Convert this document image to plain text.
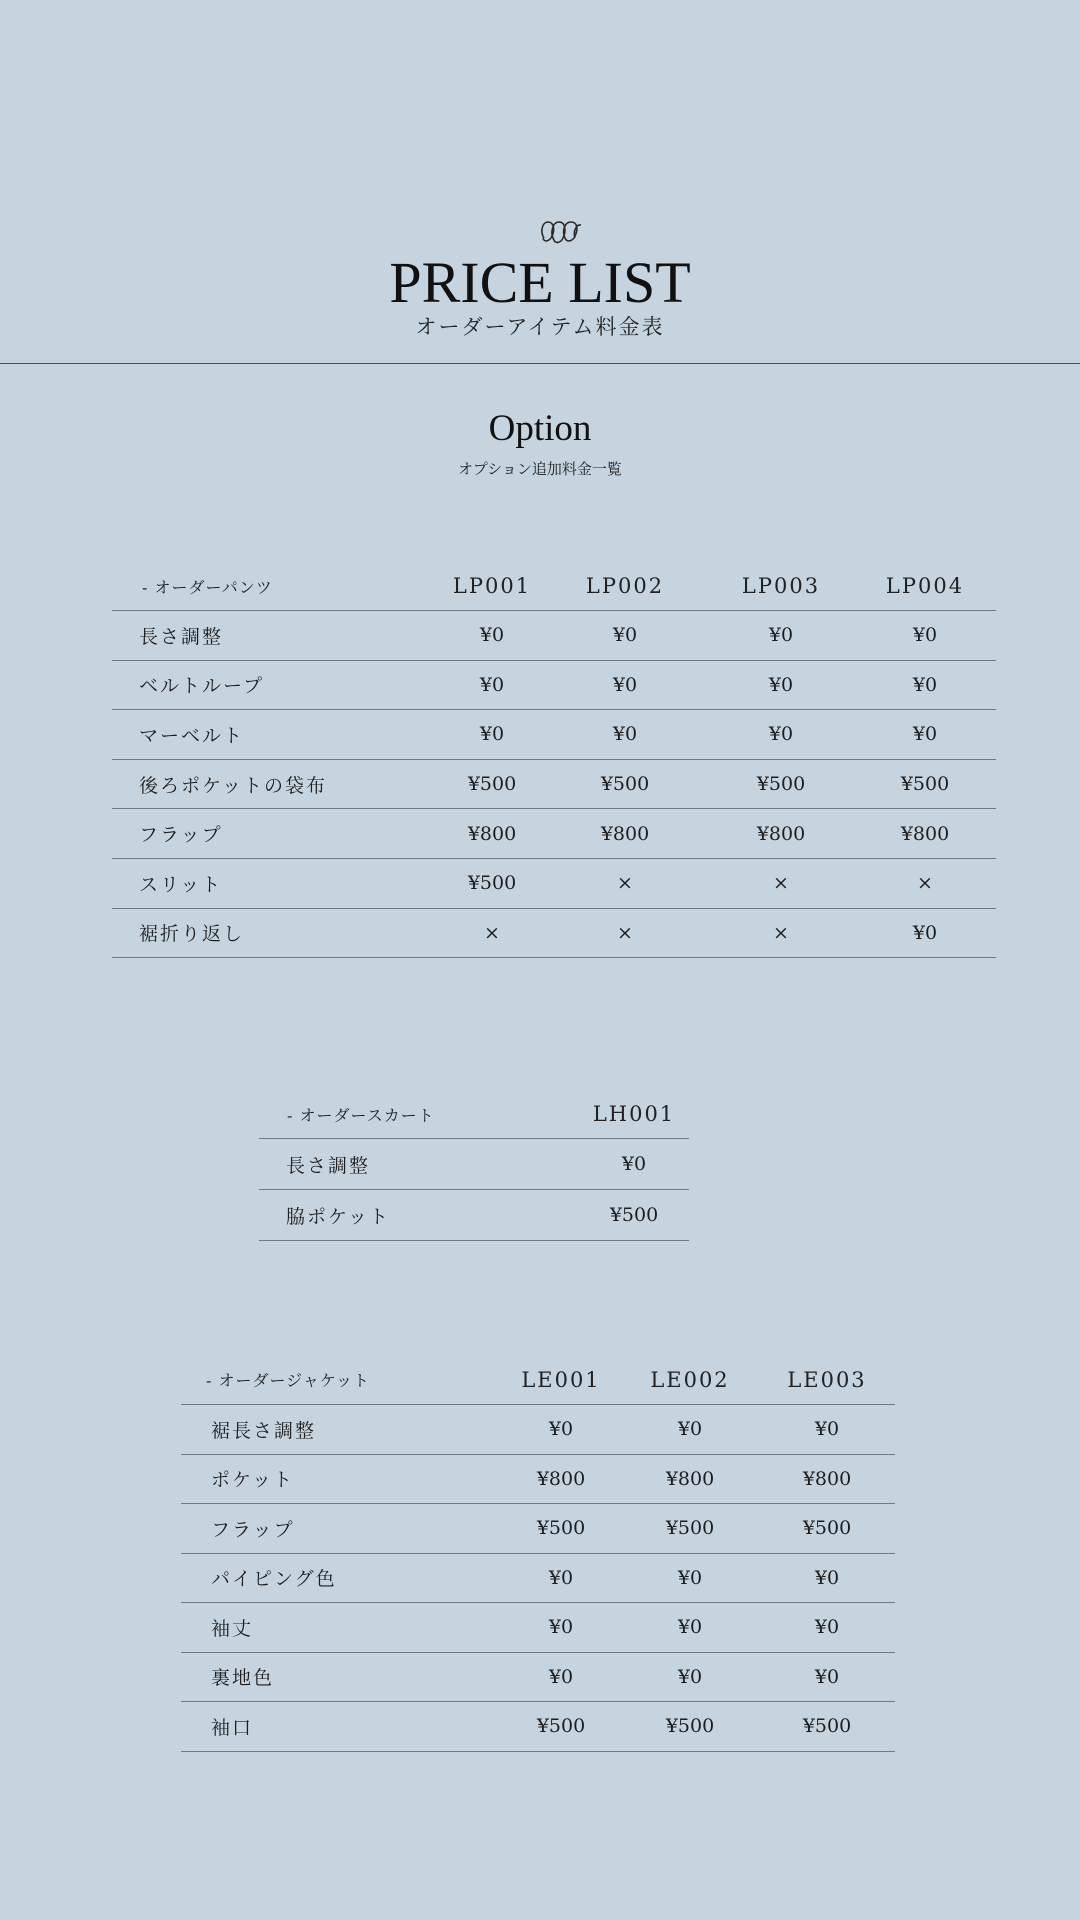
PRICE LIST
オーダーアイテム料金表
Option
オプション追加料金一覧
- オーダーパンツ	LP001	LP002	LP003	LP004
長さ調整	¥0	¥0	¥0	¥0
ベルトループ	¥0	¥0	¥0	¥0
マーベルト	¥0	¥0	¥0	¥0
後ろポケットの袋布	¥500	¥500	¥500	¥500
フラップ	¥800	¥800	¥800	¥800
スリット	¥500	×	×	×
裾折り返し	×	×	×	¥0
- オーダースカート	LH001
長さ調整	¥0
脇ポケット	¥500
- オーダージャケット	LE001	LE002	LE003
裾長さ調整	¥0	¥0	¥0
ポケット	¥800	¥800	¥800
フラップ	¥500	¥500	¥500
パイピング色	¥0	¥0	¥0
袖丈	¥0	¥0	¥0
裏地色	¥0	¥0	¥0
袖口	¥500	¥500	¥500
